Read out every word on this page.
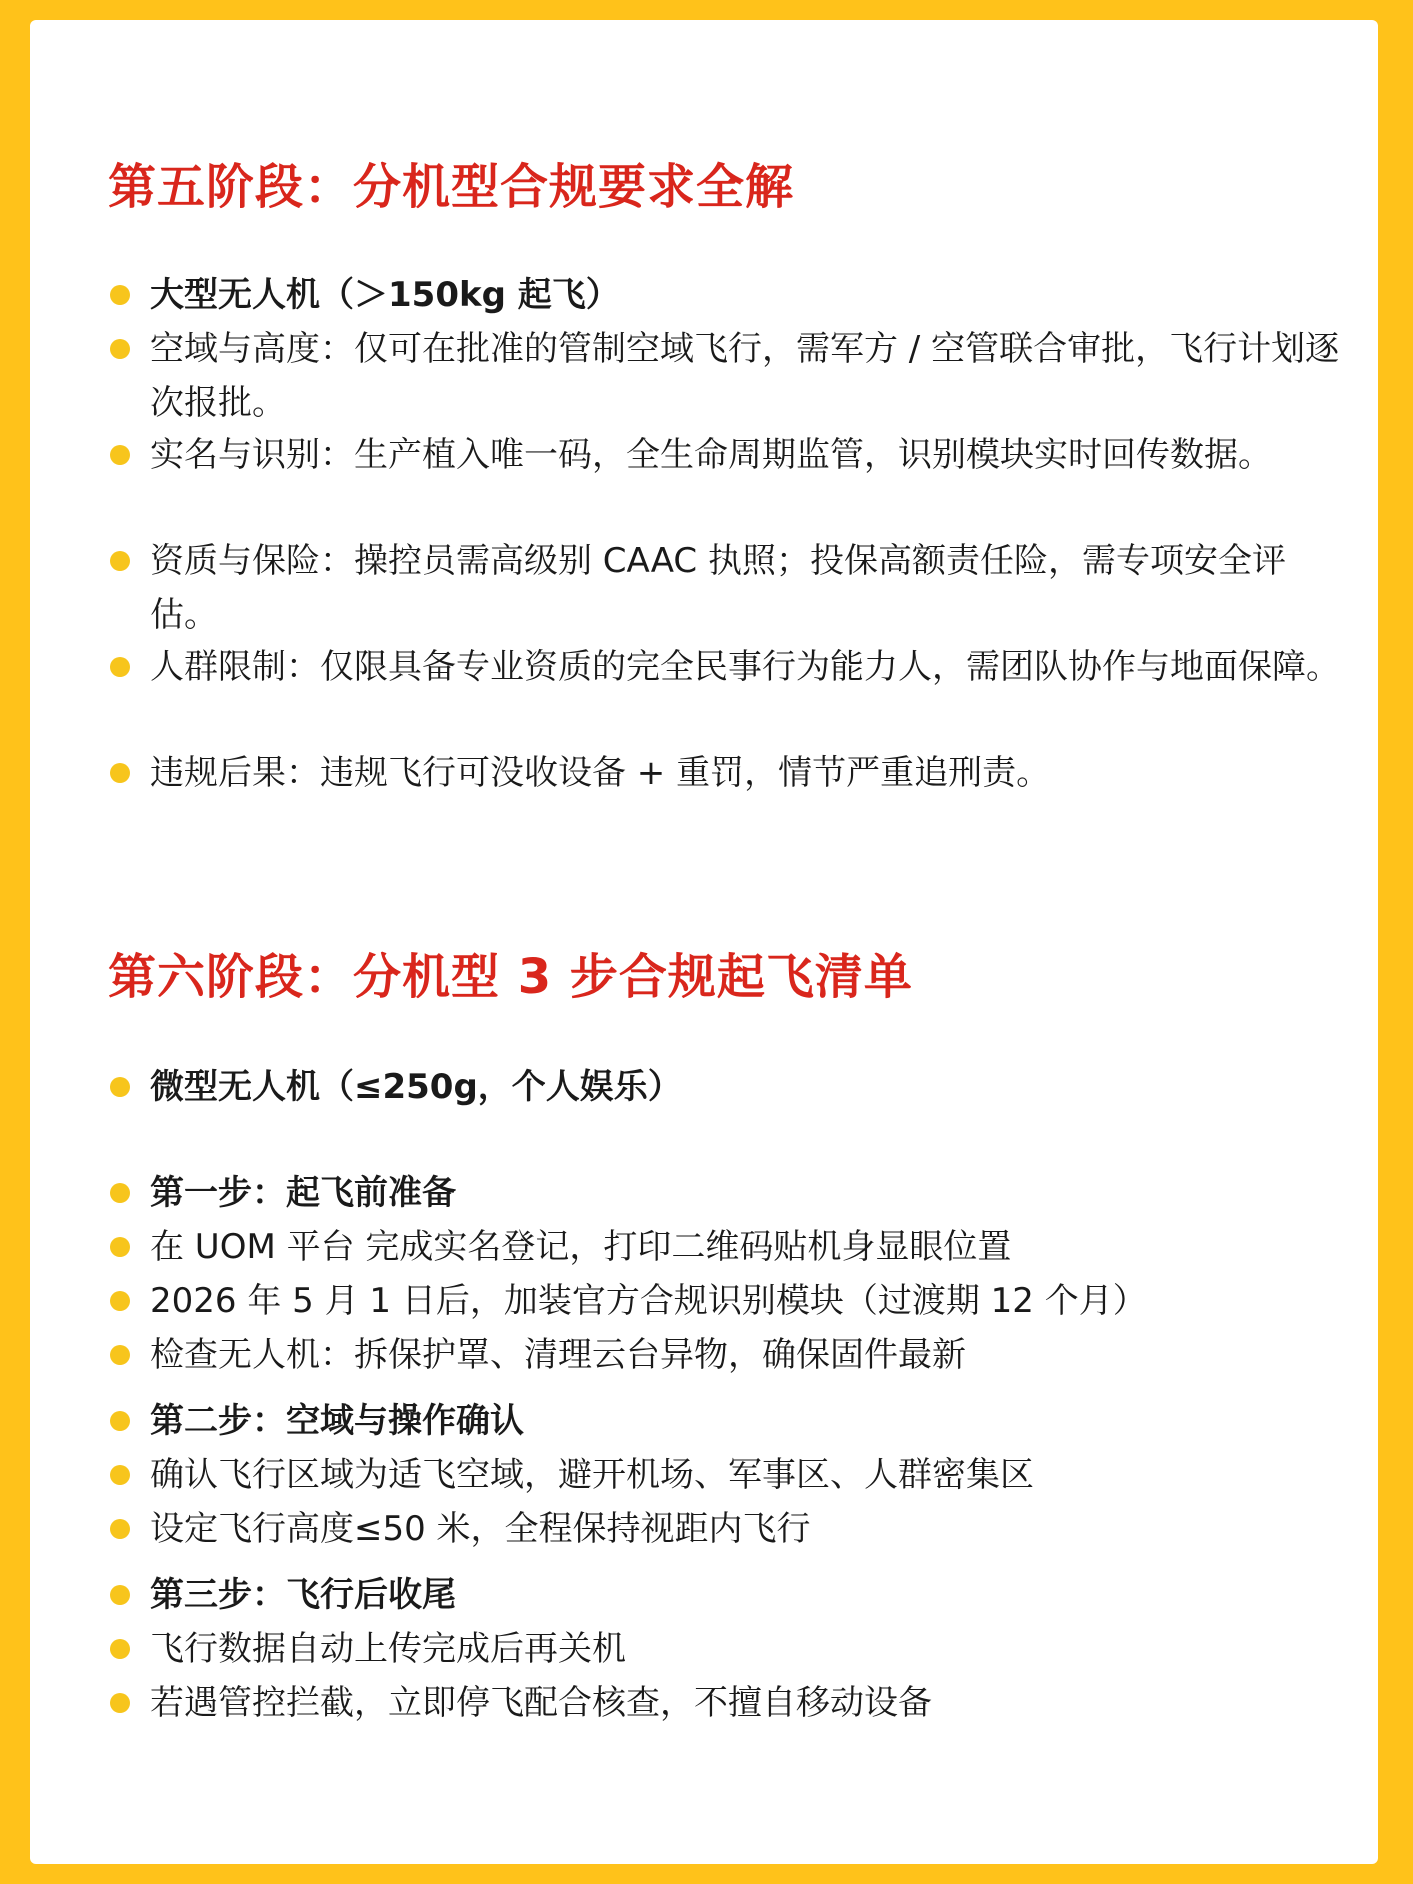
第五阶段：分机型合规要求全解
大型无人机（＞150kg 起飞）
空域与高度：仅可在批准的管制空域飞行，需军方 / 空管联合审批，飞行计划逐次报批。
实名与识别：生产植入唯一码，全生命周期监管，识别模块实时回传数据。
资质与保险：操控员需高级别 CAAC 执照；投保高额责任险，需专项安全评估。
人群限制：仅限具备专业资质的完全民事行为能力人，需团队协作与地面保障。
违规后果：违规飞行可没收设备 + 重罚，情节严重追刑责。
第六阶段：分机型 3 步合规起飞清单
微型无人机（≤250g，个人娱乐）
第一步：起飞前准备
在 UOM 平台 完成实名登记，打印二维码贴机身显眼位置
2026 年 5 月 1 日后，加装官方合规识别模块（过渡期 12 个月）
检查无人机：拆保护罩、清理云台异物，确保固件最新
第二步：空域与操作确认
确认飞行区域为适飞空域，避开机场、军事区、人群密集区
设定飞行高度≤50 米，全程保持视距内飞行
第三步：飞行后收尾
飞行数据自动上传完成后再关机
若遇管控拦截，立即停飞配合核查，不擅自移动设备
